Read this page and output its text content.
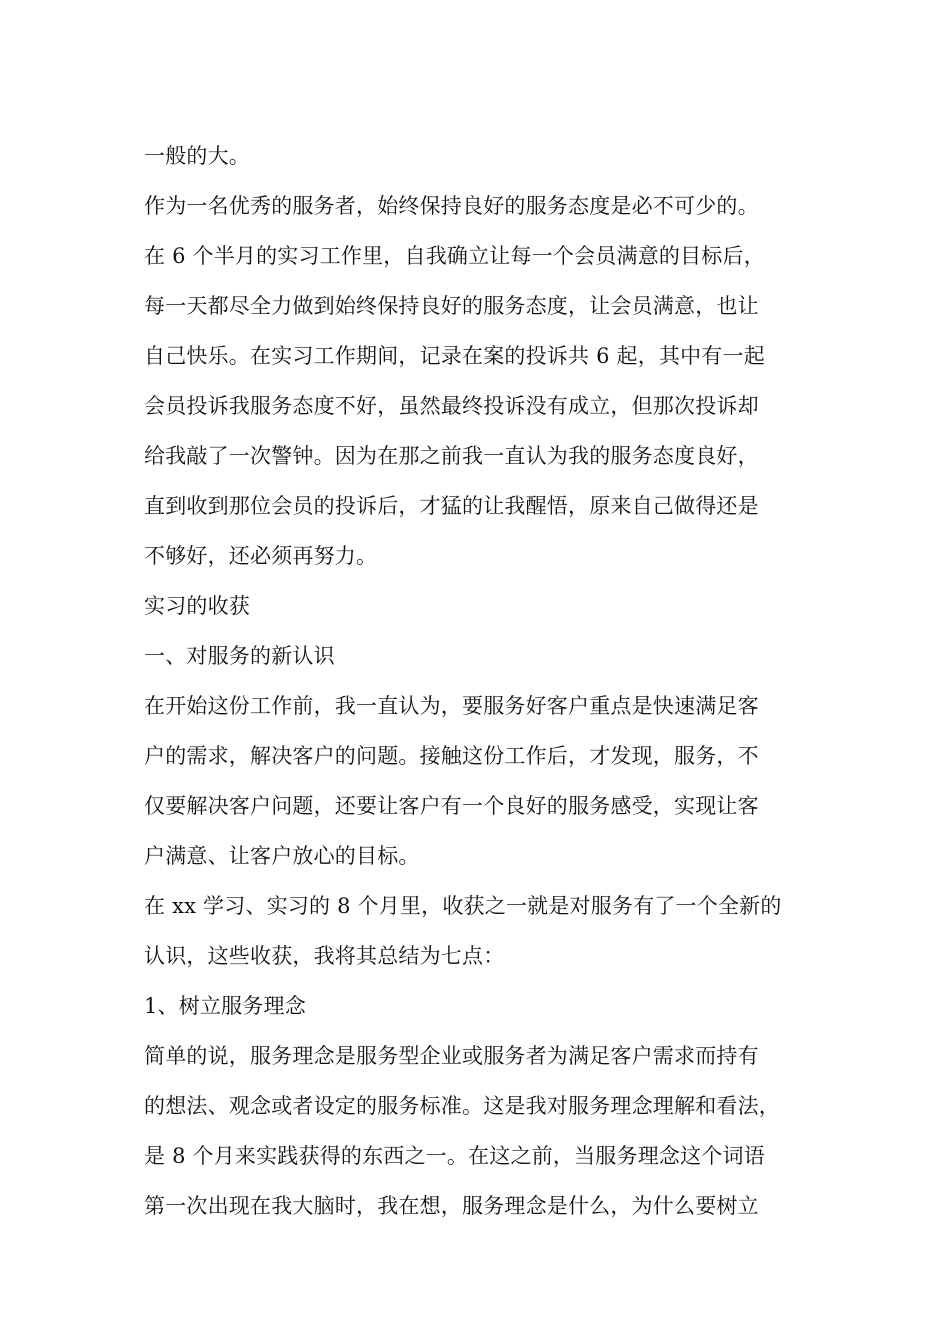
一般的大。
作为一名优秀的服务者，始终保持良好的服务态度是必不可少的。
在 6 个半月的实习工作里，自我确立让每一个会员满意的目标后，
每一天都尽全力做到始终保持良好的服务态度，让会员满意，也让
自己快乐。在实习工作期间，记录在案的投诉共 6 起，其中有一起
会员投诉我服务态度不好，虽然最终投诉没有成立，但那次投诉却
给我敲了一次警钟。因为在那之前我一直认为我的服务态度良好，
直到收到那位会员的投诉后，才猛的让我醒悟，原来自己做得还是
不够好，还必须再努力。
实习的收获
一、对服务的新认识
在开始这份工作前，我一直认为，要服务好客户重点是快速满足客
户的需求，解决客户的问题。接触这份工作后，才发现，服务，不
仅要解决客户问题，还要让客户有一个良好的服务感受，实现让客
户满意、让客户放心的目标。
在 xx 学习、实习的 8 个月里，收获之一就是对服务有了一个全新的
认识，这些收获，我将其总结为七点：
1、树立服务理念
简单的说，服务理念是服务型企业或服务者为满足客户需求而持有
的想法、观念或者设定的服务标准。这是我对服务理念理解和看法，
是 8 个月来实践获得的东西之一。在这之前，当服务理念这个词语
第一次出现在我大脑时，我在想，服务理念是什么，为什么要树立
